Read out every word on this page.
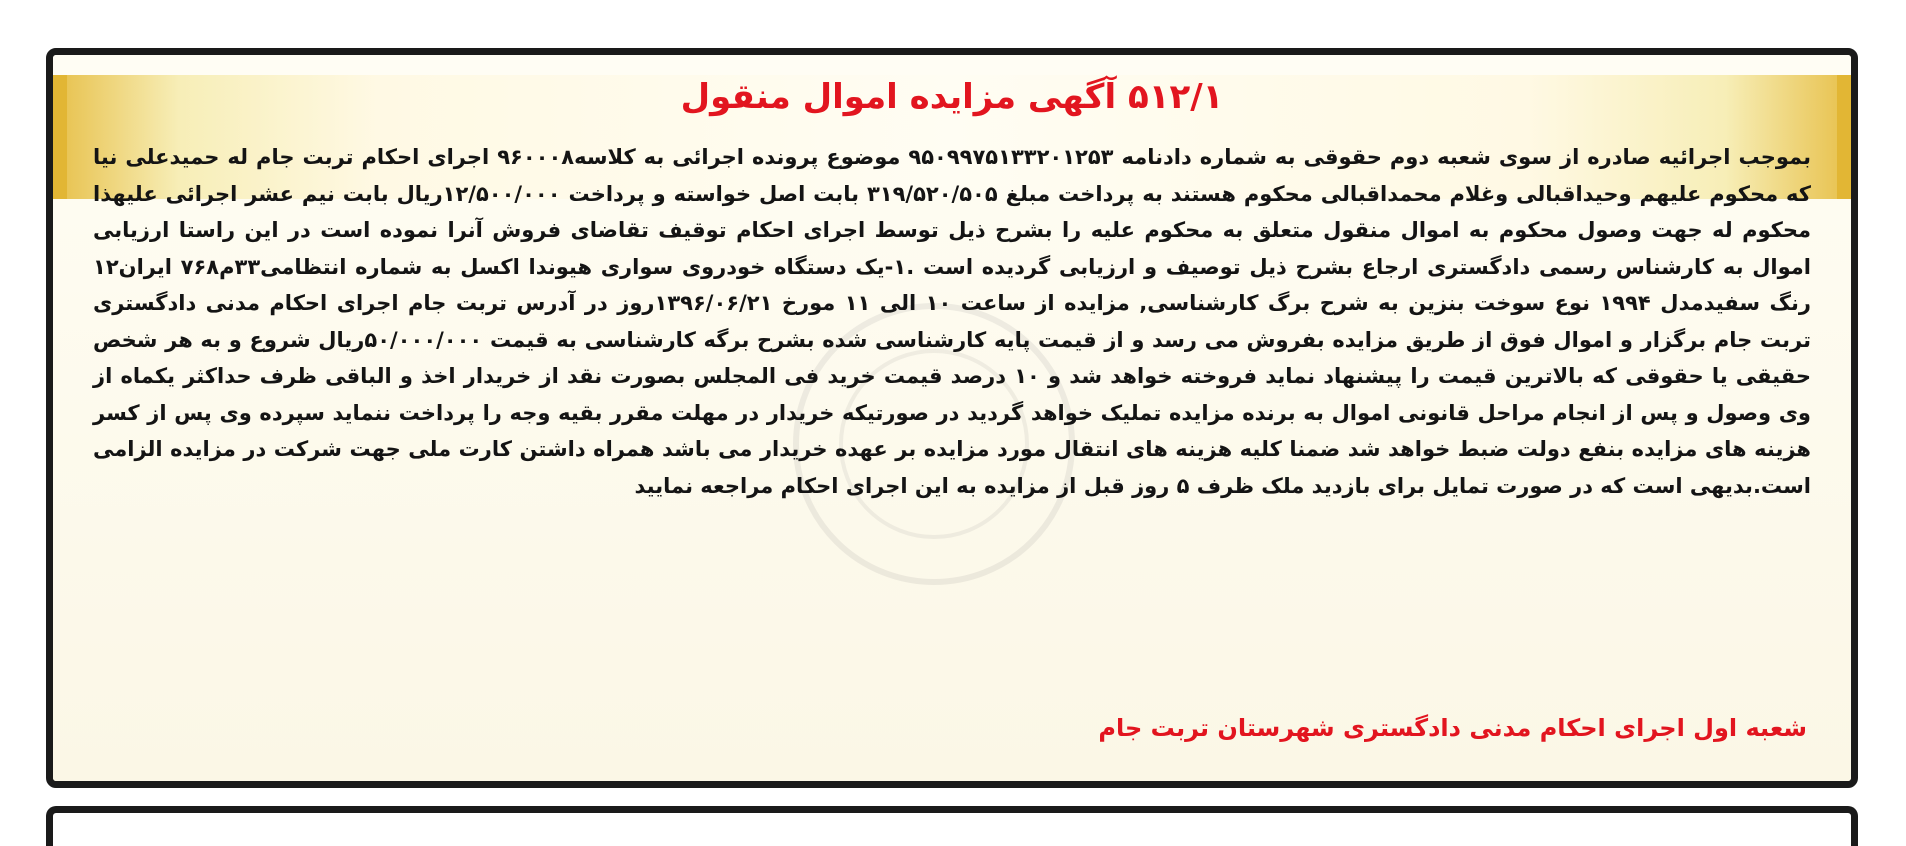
۵۱۲/۱ آگهی مزایده اموال منقول
بموجب اجرائیه صادره از سوی شعبه دوم حقوقی به شماره دادنامه ۹۵۰۹۹۷۵۱۳۳۲۰۱۲۵۳ موضوع پرونده اجرائی به کلاسه۹۶۰۰۰۸ اجرای احکام تربت جام له حمیدعلی نیا که محکوم علیهم وحیداقبالی وغلام محمداقبالی محکوم هستند به پرداخت مبلغ ۳۱۹/۵۲۰/۵۰۵ بابت اصل خواسته و پرداخت ۱۲/۵۰۰/۰۰۰ریال بابت نیم عشر اجرائی علیهذا محکوم له جهت وصول محکوم به اموال منقول متعلق به محکوم علیه را بشرح ذیل توسط اجرای احکام توقیف تقاضای فروش آنرا نموده است در این راستا ارزیابی اموال به کارشناس رسمی دادگستری ارجاع بشرح ذیل توصیف و ارزیابی گردیده است .۱-یک دستگاه خودروی سواری هیوندا اکسل به شماره انتظامی۳۳م۷۶۸ ایران۱۲ رنگ سفیدمدل ۱۹۹۴ نوع سوخت بنزین به شرح برگ کارشناسی, مزایده از ساعت ۱۰ الی ۱۱ مورخ ۱۳۹۶/۰۶/۲۱روز در آدرس تربت جام اجرای احکام مدنی دادگستری تربت جام برگزار و اموال فوق از طریق مزایده بفروش می رسد و از قیمت پایه کارشناسی شده بشرح برگه کارشناسی به قیمت ۵۰/۰۰۰/۰۰۰ریال شروع و به هر شخص حقیقی یا حقوقی که بالاترین قیمت را پیشنهاد نماید فروخته خواهد شد و ۱۰ درصد قیمت خرید فی المجلس بصورت نقد از خریدار اخذ و الباقی ظرف حداکثر یکماه از وی وصول و پس از انجام مراحل قانونی اموال به برنده مزایده تملیک خواهد گردید در صورتیکه خریدار در مهلت مقرر بقیه وجه را پرداخت ننماید سپرده وی پس از کسر هزینه های مزایده بنفع دولت ضبط خواهد شد ضمنا کلیه هزینه های انتقال مورد مزایده بر عهده خریدار می باشد همراه داشتن کارت ملی جهت شرکت در مزایده الزامی است.بدیهی است که در صورت تمایل برای بازدید ملک ظرف ۵ روز قبل از مزایده به این اجرای احکام مراجعه نمایید
شعبه اول اجرای احکام مدنی دادگستری شهرستان تربت جام
